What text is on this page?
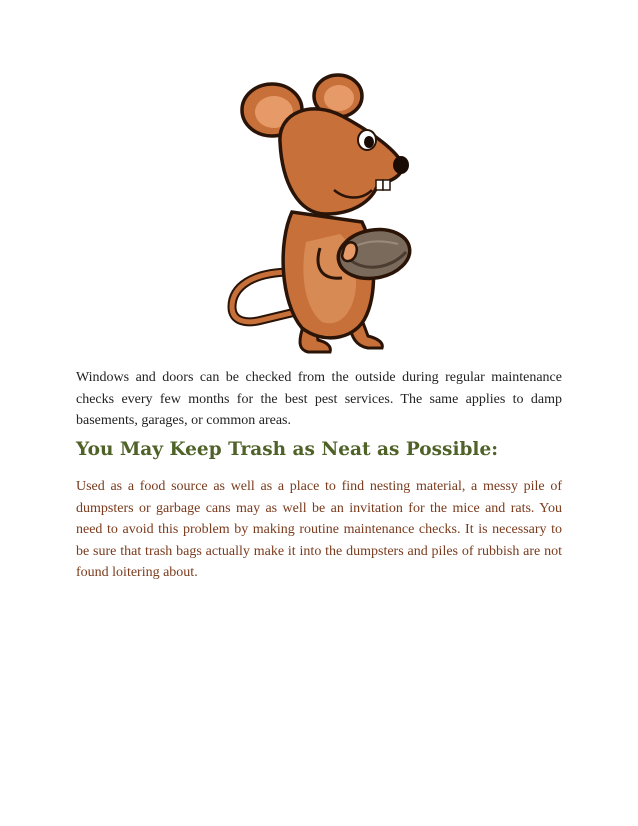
Windows and doors can be checked from the outside during regular maintenance checks every few months for the best pest services. The same applies to damp basements, garages, or common areas.

You May Keep Trash as Neat as Possible:

Used as a food source as well as a place to find nesting material, a messy pile of dumpsters or garbage cans may as well be an invitation for the mice and rats. You need to avoid this problem by making routine maintenance checks. It is necessary to be sure that trash bags actually make it into the dumpsters and piles of rubbish are not found loitering about.
